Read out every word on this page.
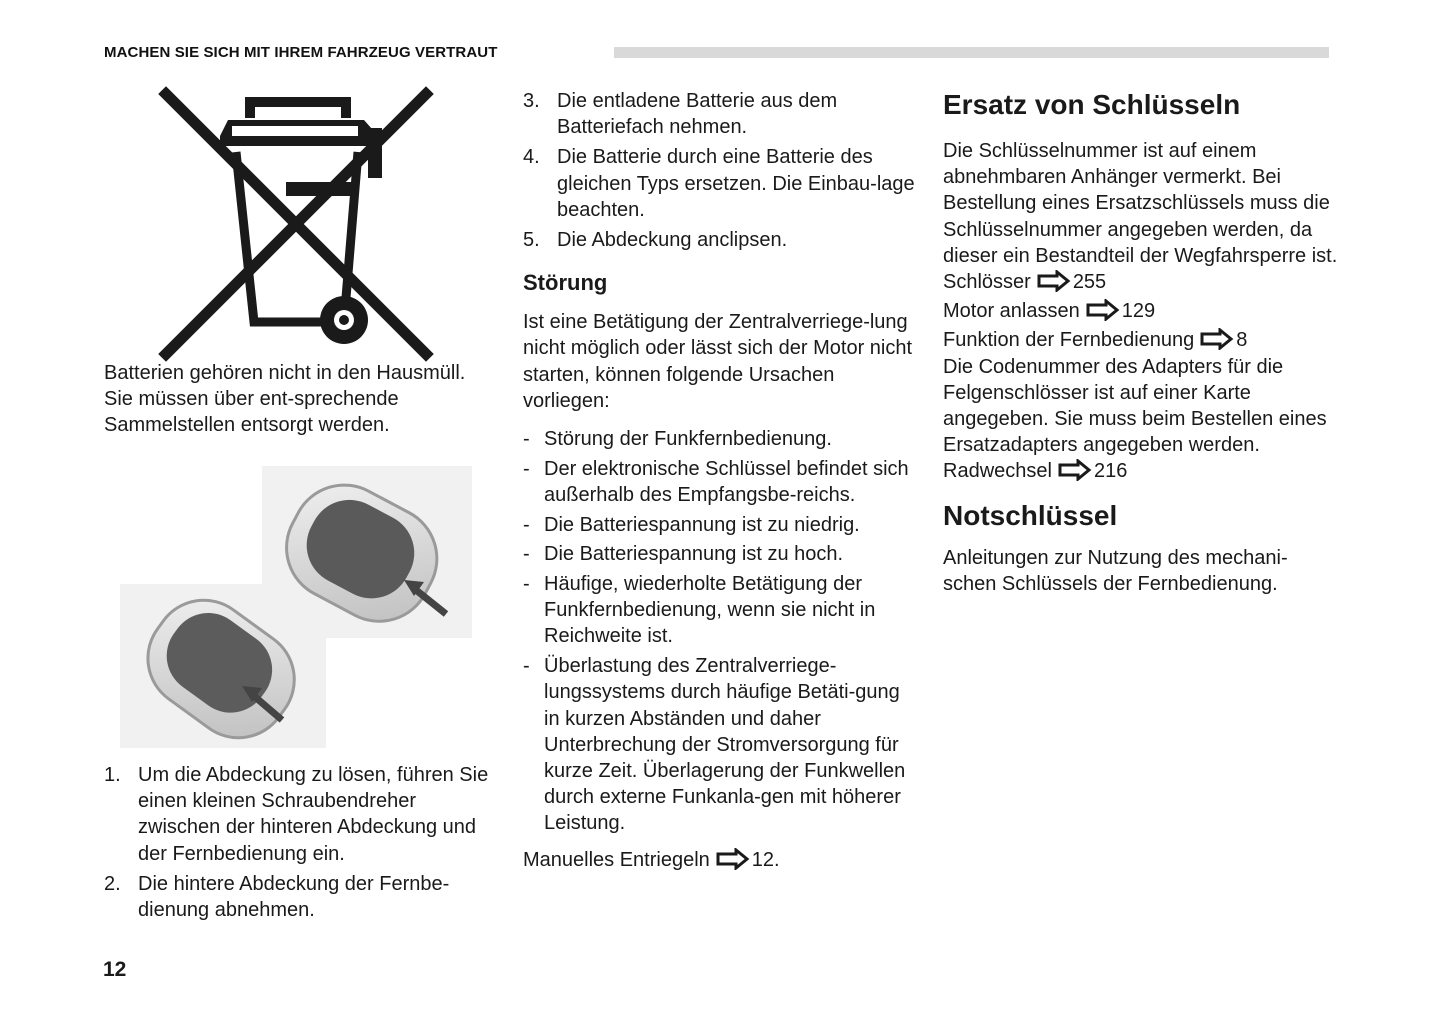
MACHEN SIE SICH MIT IHREM FAHRZEUG VERTRAUT

Batterien gehören nicht in den Hausmüll. Sie müssen über ent-sprechende Sammelstellen entsorgt werden.

1. Um die Abdeckung zu lösen, führen Sie einen kleinen Schraubendreher zwischen der hinteren Abdeckung und der Fernbedienung ein.
2. Die hintere Abdeckung der Fernbe-dienung abnehmen.
3. Die entladene Batterie aus dem Batteriefach nehmen.
4. Die Batterie durch eine Batterie des gleichen Typs ersetzen. Die Einbau-lage beachten.
5. Die Abdeckung anclipsen.
Störung

Ist eine Betätigung der Zentralverriege-lung nicht möglich oder lässt sich der Motor nicht starten, können folgende Ursachen vorliegen:

- Störung der Funkfernbedienung.
- Der elektronische Schlüssel befindet sich außerhalb des Empfangsbe-reichs.
- Die Batteriespannung ist zu niedrig.
- Die Batteriespannung ist zu hoch.
- Häufige, wiederholte Betätigung der Funkfernbedienung, wenn sie nicht in Reichweite ist.
- Überlastung des Zentralverriege-lungssystems durch häufige Betäti-gung in kurzen Abständen und daher Unterbrechung der Stromversorgung für kurze Zeit. Überlagerung der Funkwellen durch externe Funkanla-gen mit höherer Leistung.

Manuelles Entriegeln 12.

Ersatz von Schlüsseln

Die Schlüsselnummer ist auf einem abnehmbaren Anhänger vermerkt. Bei Bestellung eines Ersatzschlüssels muss die Schlüsselnummer angegeben werden, da dieser ein Bestandteil der Wegfahrsperre ist.

Schlösser 255

Motor anlassen 129

Funktion der Fernbedienung 8

Die Codenummer des Adapters für die Felgenschlösser ist auf einer Karte angegeben. Sie muss beim Bestellen eines Ersatzadapters angegeben werden.

Radwechsel 216

Notschlüssel

Anleitungen zur Nutzung des mechani-schen Schlüssels der Fernbedienung.

12
